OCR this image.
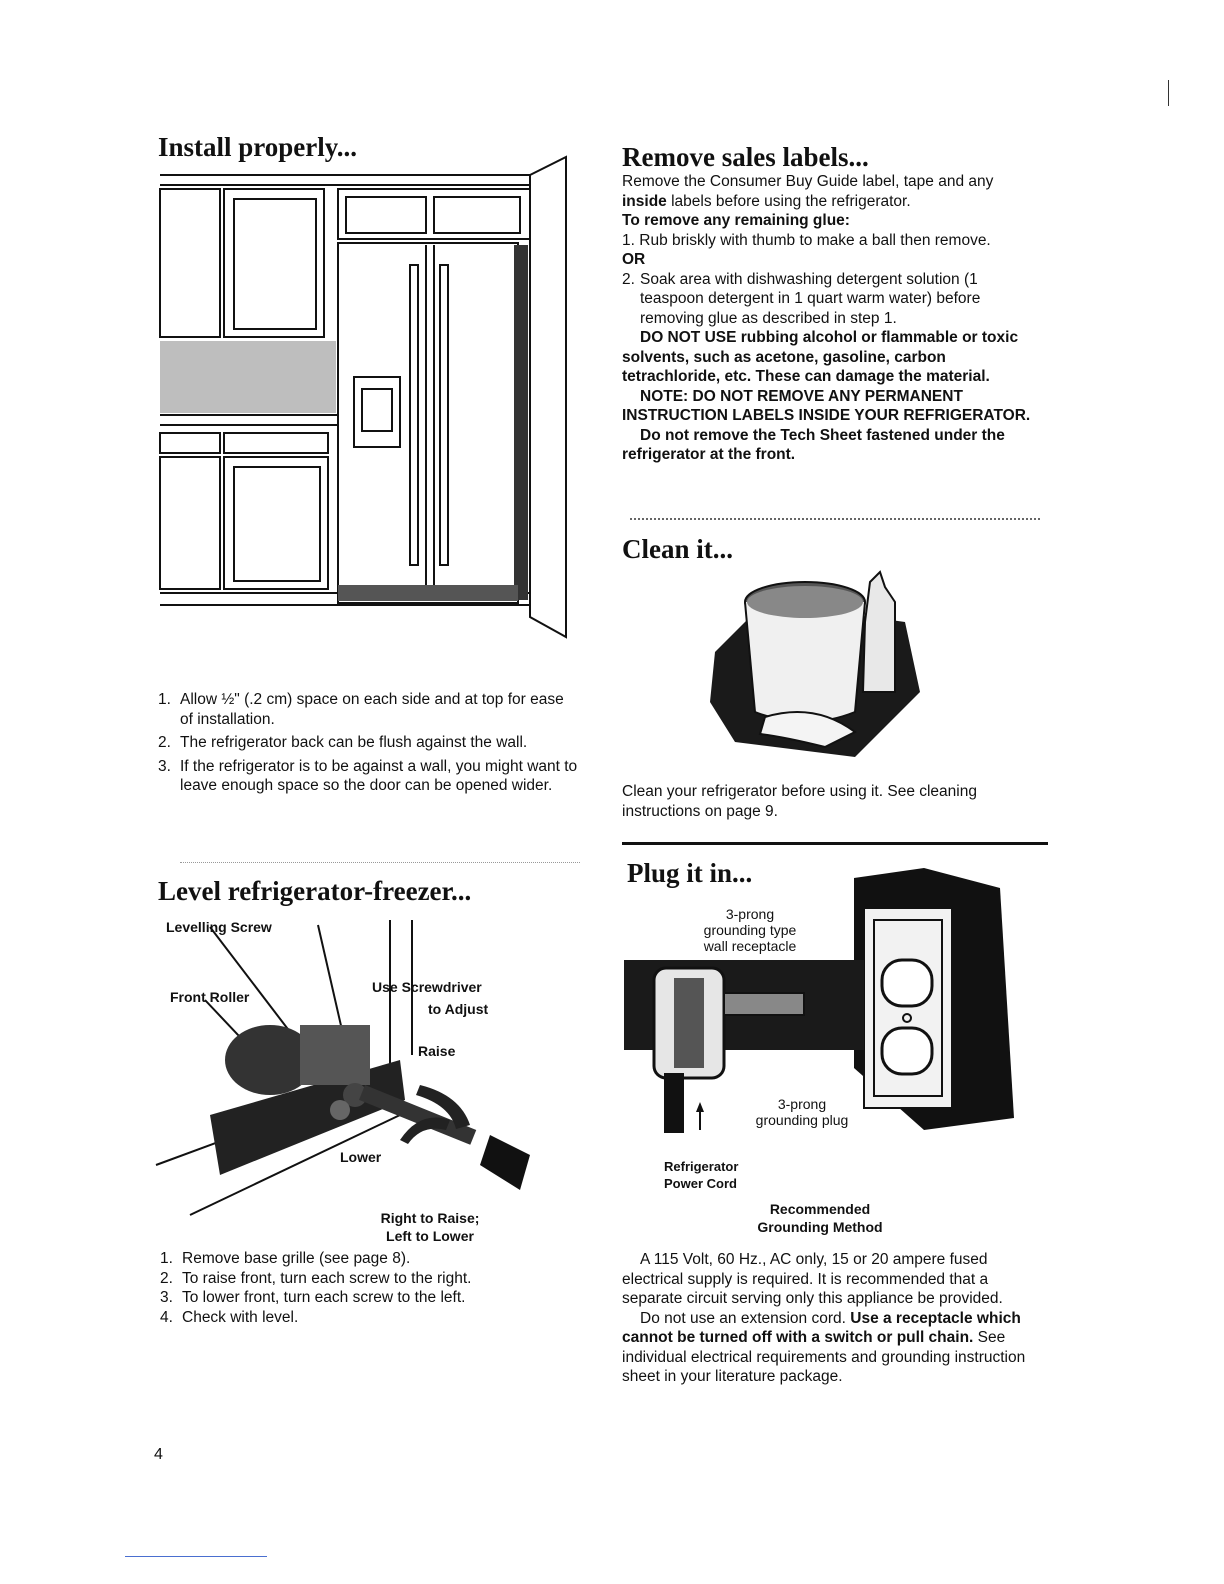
Install properly...
1. Allow ½" (.2 cm) space on each side and at top for ease of installation.
2. The refrigerator back can be flush against the wall.
3. If the refrigerator is to be against a wall, you might want to leave enough space so the door can be opened wider.
Level refrigerator-freezer...
Levelling Screw
Front Roller
Use Screwdriver
to Adjust
Raise
Lower
Right to Raise;
Left to Lower
1. Remove base grille (see page 8).
2. To raise front, turn each screw to the right.
3. To lower front, turn each screw to the left.
4. Check with level.
4
Remove sales labels...
Remove the Consumer Buy Guide label, tape and any inside labels before using the refrigerator.
To remove any remaining glue:
1. Rub briskly with thumb to make a ball then remove.
OR
2. Soak area with dishwashing detergent solution (1 teaspoon detergent in 1 quart warm water) before removing glue as described in step 1.
DO NOT USE rubbing alcohol or flammable or toxic solvents, such as acetone, gasoline, carbon tetrachloride, etc. These can damage the material.
NOTE: DO NOT REMOVE ANY PERMANENT INSTRUCTION LABELS INSIDE YOUR REFRIGERATOR.
Do not remove the Tech Sheet fastened under the refrigerator at the front.
Clean it...
Clean your refrigerator before using it. See cleaning instructions on page 9.
Plug it in...
3-prong
grounding type
wall receptacle
3-prong
grounding plug
Refrigerator
Power Cord
Recommended
Grounding Method
A 115 Volt, 60 Hz., AC only, 15 or 20 ampere fused electrical supply is required. It is recommended that a separate circuit serving only this appliance be provided.
Do not use an extension cord. Use a receptacle which cannot be turned off with a switch or pull chain. See individual electrical requirements and grounding instruction sheet in your literature package.
